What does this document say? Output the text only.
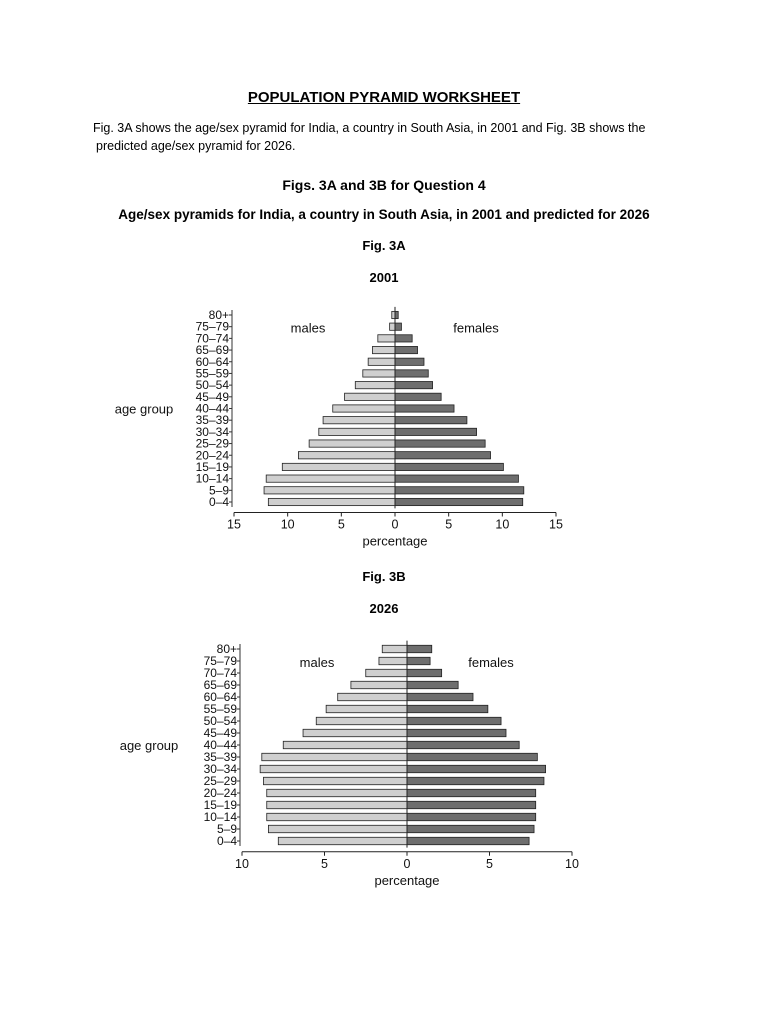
POPULATION PYRAMID WORKSHEET
Fig. 3A shows the age/sex pyramid for India, a country in South Asia, in 2001 and Fig. 3B shows the predicted age/sex pyramid for 2026.
Figs. 3A and 3B for Question 4
Age/sex pyramids for India, a country in South Asia, in 2001 and predicted for 2026
Fig. 3A
2001
80+
75–79
70–74
65–69
60–64
55–59
50–54
45–49
40–44
35–39
30–34
25–29
20–24
15–19
10–14
5–9
0–4
15	10	5	0	5	10	15
percentage
age group
males	females
Fig. 3B
2026
80+
75–79
70–74
65–69
60–64
55–59
50–54
45–49
40–44
35–39
30–34
25–29
20–24
15–19
10–14
5–9
0–4
10	5	0	5	10
percentage
age group
males	females
